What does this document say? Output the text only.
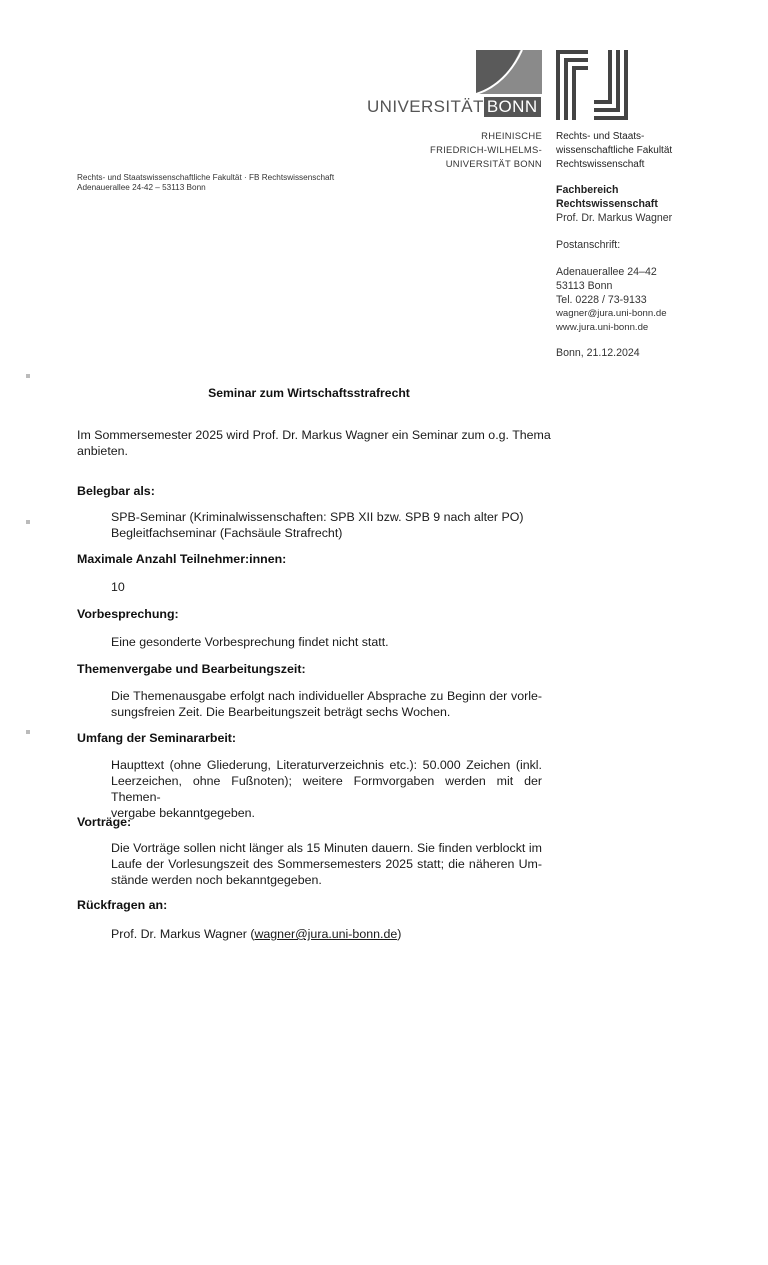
UNIVERSITÄT BONN
RHEINISCHE
FRIEDRICH-WILHELMS-
UNIVERSITÄT BONN
Rechts- und Staats-
wissenschaftliche Fakultät
Rechtswissenschaft
Rechts- und Staatswissenschaftliche Fakultät · FB Rechtswissenschaft
Adenauerallee 24-42 – 53113 Bonn	Fachbereich
Rechtswissenschaft
Prof. Dr. Markus Wagner
Postanschrift:
Adenauerallee 24–42
53113 Bonn
Tel. 0228 / 73-9133
wagner@jura.uni-bonn.de
www.jura.uni-bonn.de
Bonn, 21.12.2024
Seminar zum Wirtschaftsstrafrecht
Im Sommersemester 2025 wird Prof. Dr. Markus Wagner ein Seminar zum o.g. Thema
anbieten.
Belegbar als:
SPB-Seminar (Kriminalwissenschaften: SPB XII bzw. SPB 9 nach alter PO)
Begleitfachseminar (Fachsäule Strafrecht)
Maximale Anzahl Teilnehmer:innen:
10
Vorbesprechung:
Eine gesonderte Vorbesprechung findet nicht statt.
Themenvergabe und Bearbeitungszeit:
Die Themenausgabe erfolgt nach individueller Absprache zu Beginn der vorle-
sungsfreien Zeit. Die Bearbeitungszeit beträgt sechs Wochen.
Umfang der Seminararbeit:
Haupttext (ohne Gliederung, Literaturverzeichnis etc.): 50.000 Zeichen (inkl.
Leerzeichen, ohne Fußnoten); weitere Formvorgaben werden mit der Themen-
vergabe bekanntgegeben.
Vorträge:
Die Vorträge sollen nicht länger als 15 Minuten dauern. Sie finden verblockt im
Laufe der Vorlesungszeit des Sommersemesters 2025 statt; die näheren Um-
stände werden noch bekanntgegeben.
Rückfragen an:
Prof. Dr. Markus Wagner (wagner@jura.uni-bonn.de)
